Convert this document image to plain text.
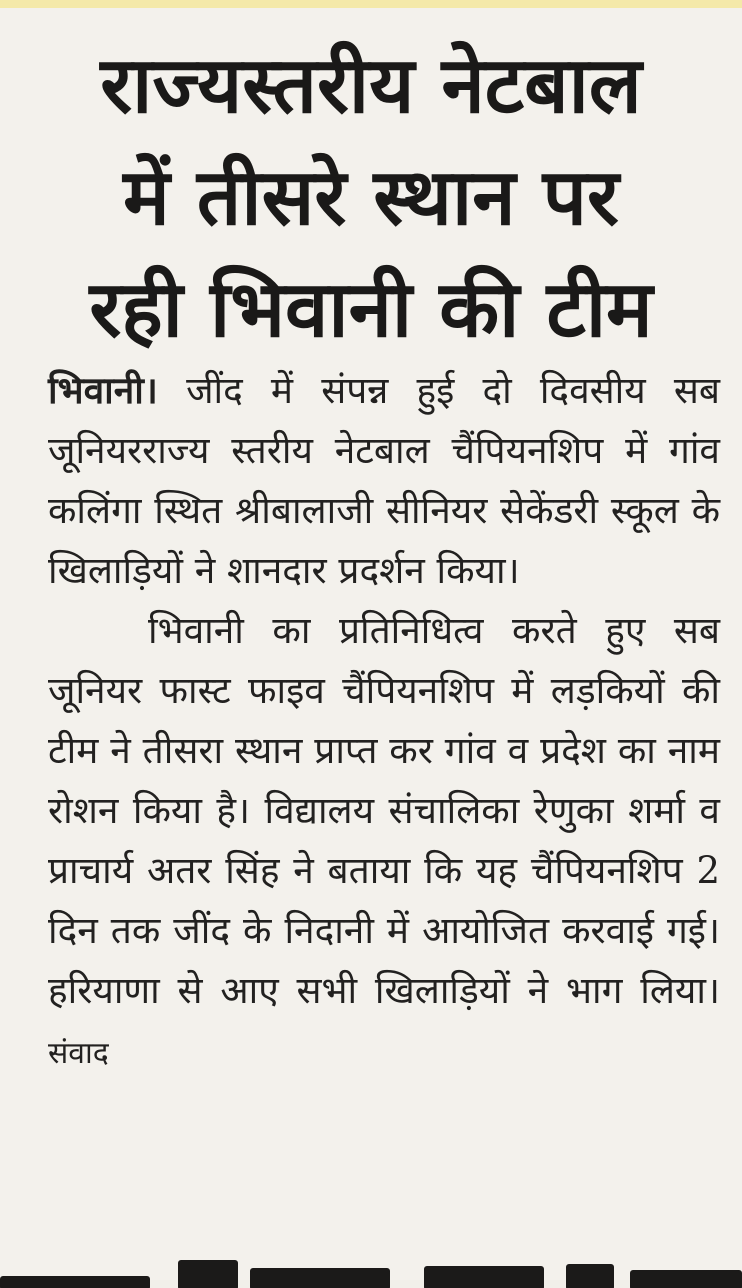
राज्यस्तरीय नेटबाल
में तीसरे स्थान पर
रही भिवानी की टीम

भिवानी। जींद में संपन्न हुई दो दिवसीय सब जूनियरराज्य स्तरीय नेटबाल चैंपियनशिप में गांव कलिंगा स्थित श्रीबालाजी सीनियर सेकेंडरी स्कूल के खिलाड़ियों ने शानदार प्रदर्शन किया।

भिवानी का प्रतिनिधित्व करते हुए सब जूनियर फास्ट फाइव चैंपियनशिप में लड़कियों की टीम ने तीसरा स्थान प्राप्त कर गांव व प्रदेश का नाम रोशन किया है। विद्यालय संचालिका रेणुका शर्मा व प्राचार्य अतर सिंह ने बताया कि यह चैंपियनशिप 2 दिन तक जींद के निदानी में आयोजित करवाई गई। हरियाणा से आए सभी खिलाड़ियों ने भाग लिया। संवाद
